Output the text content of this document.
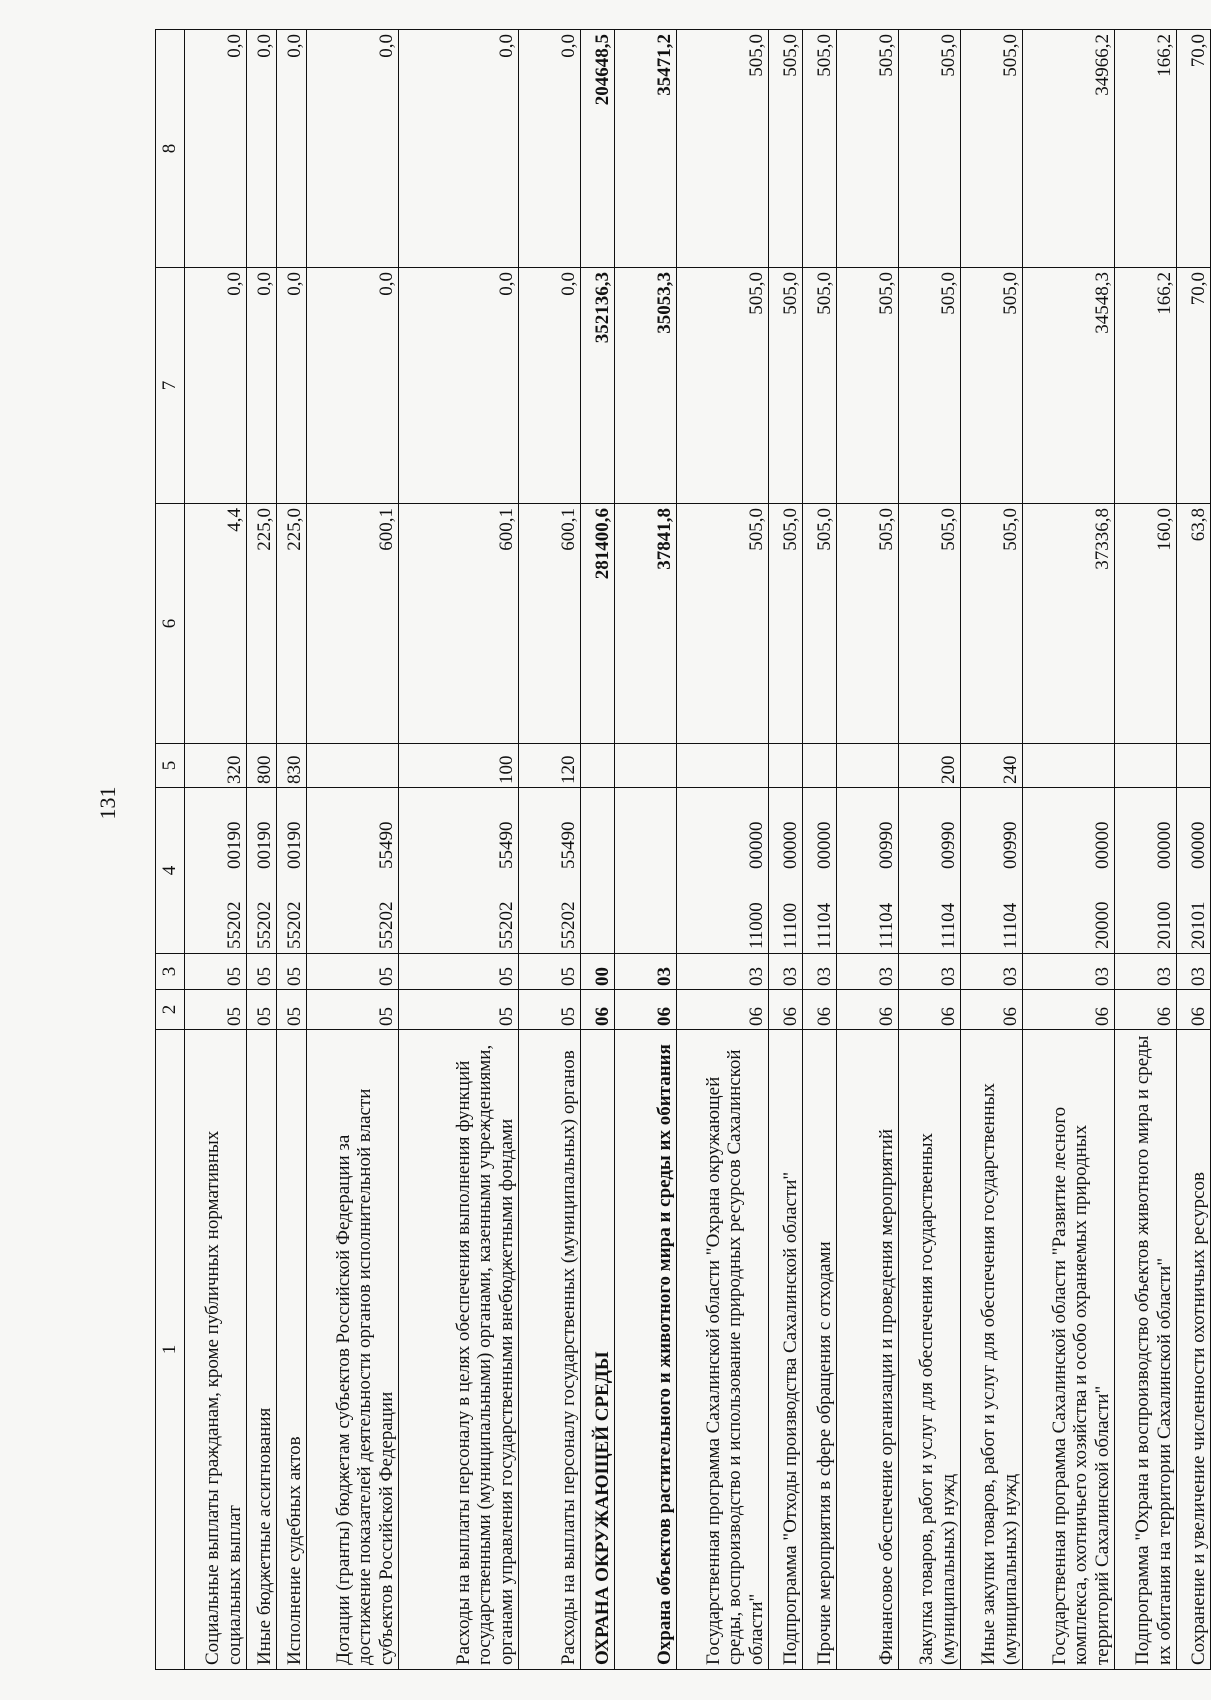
131
1	2	3	4	5	6	7	8
Социальные выплаты гражданам, кроме публичных нормативных социальных выплат	05	05	5520200190	320	4,4	0,0	0,0
Иные бюджетные ассигнования	05	05	5520200190	800	225,0	0,0	0,0
Исполнение судебных актов	05	05	5520200190	830	225,0	0,0	0,0
Дотации (гранты) бюджетам субъектов Российской Федерации за достижение показателей деятельности органов исполнительной власти субъектов Российской Федерации	05	05	5520255490		600,1	0,0	0,0
Расходы на выплаты персоналу в целях обеспечения выполнения функций государственными (муниципальными) органами, казенными учреждениями, органами управления государственными внебюджетными фондами	05	05	5520255490	100	600,1	0,0	0,0
Расходы на выплаты персоналу государственных (муниципальных) органов	05	05	5520255490	120	600,1	0,0	0,0
ОХРАНА ОКРУЖАЮЩЕЙ СРЕДЫ	06	00			281400,6	352136,3	204648,5
Охрана объектов растительного и животного мира и среды их обитания	06	03			37841,8	35053,3	35471,2
Государственная программа Сахалинской области "Охрана окружающей среды, воспроизводство и использование природных ресурсов Сахалинской области"	06	03	1100000000		505,0	505,0	505,0
Подпрограмма "Отходы производства Сахалинской области"	06	03	1110000000		505,0	505,0	505,0
Прочие мероприятия в сфере обращения с отходами	06	03	1110400000		505,0	505,0	505,0
Финансовое обеспечение организации и проведения мероприятий	06	03	1110400990		505,0	505,0	505,0
Закупка товаров, работ и услуг для обеспечения государственных (муниципальных) нужд	06	03	1110400990	200	505,0	505,0	505,0
Иные закупки товаров, работ и услуг для обеспечения государственных (муниципальных) нужд	06	03	1110400990	240	505,0	505,0	505,0
Государственная программа Сахалинской области "Развитие лесного комплекса, охотничьего хозяйства и особо охраняемых природных территорий Сахалинской области"	06	03	2000000000		37336,8	34548,3	34966,2
Подпрограмма "Охрана и воспроизводство объектов животного мира и среды их обитания на территории Сахалинской области"	06	03	2010000000		160,0	166,2	166,2
Сохранение и увеличение численности охотничьих ресурсов	06	03	2010100000		63,8	70,0	70,0
